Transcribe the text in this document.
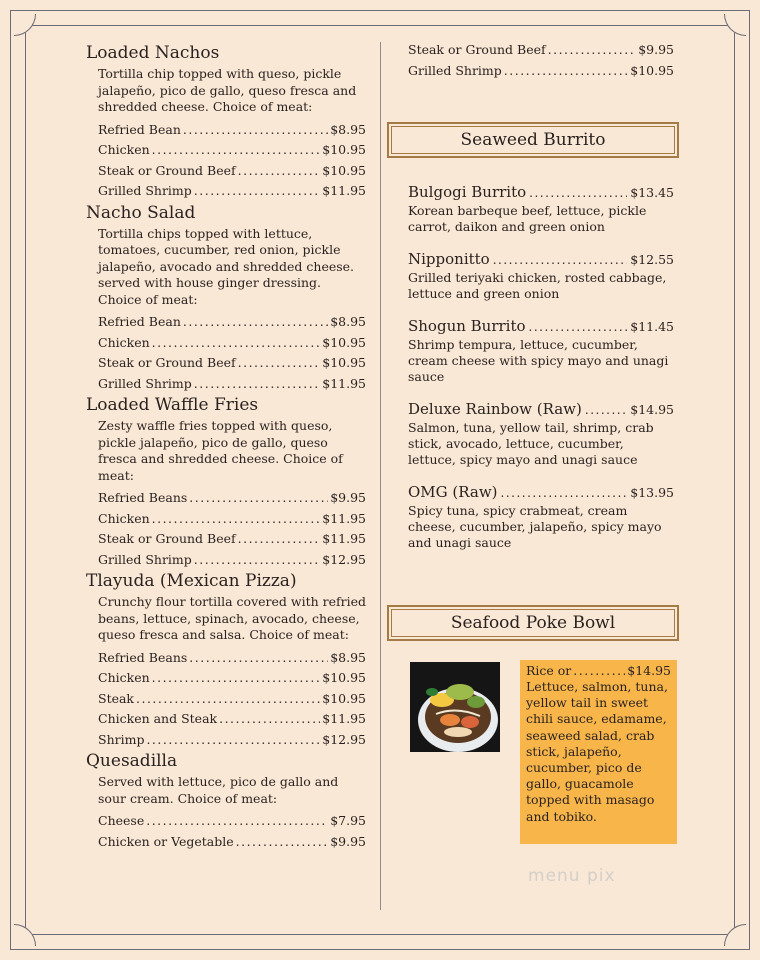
Loaded Nachos

Tortilla chip topped with queso, pickle jalapeño, pico de gallo, queso fresca and shredded cheese. Choice of meat:

Refried Bean .....	$8.95
Chicken .....	$10.95
Steak or Ground Beef .....	$10.95
Grilled Shrimp .....	$11.95
Nacho Salad

Tortilla chips topped with lettuce, tomatoes, cucumber, red onion, pickle jalapeño, avocado and shredded cheese. served with house ginger dressing. Choice of meat:

Refried Bean .....	$8.95
Chicken .....	$10.95
Steak or Ground Beef .....	$10.95
Grilled Shrimp .....	$11.95
Loaded Waffle Fries

Zesty waffle fries topped with queso, pickle jalapeño, pico de gallo, queso fresca and shredded cheese. Choice of meat:

Refried Beans .....	$9.95
Chicken .....	$11.95
Steak or Ground Beef .....	$11.95
Grilled Shrimp .....	$12.95
Tlayuda (Mexican Pizza)

Crunchy flour tortilla covered with refried beans, lettuce, spinach, avocado, cheese, queso fresca and salsa. Choice of meat:

Refried Beans .....	$8.95
Chicken .....	$10.95
Steak .....	$10.95
Chicken and Steak .....	$11.95
Shrimp .....	$12.95
Quesadilla

Served with lettuce, pico de gallo and sour cream. Choice of meat:

Cheese .....	$7.95
Chicken or Vegetable .....	$9.95
Steak or Ground Beef .....	$9.95
Grilled Shrimp .....	$10.95
Seaweed Burrito
Bulgogi Burrito .....	$13.45

Korean barbeque beef, lettuce, pickle carrot, daikon and green onion

Nipponitto .....	$12.55

Grilled teriyaki chicken, rosted cabbage, lettuce and green onion

Shogun Burrito .....	$11.45

Shrimp tempura, lettuce, cucumber, cream cheese with spicy mayo and unagi sauce

Deluxe Rainbow (Raw) .....	$14.95

Salmon, tuna, yellow tail, shrimp, crab stick, avocado, lettuce, cucumber, lettuce, spicy mayo and unagi sauce

OMG (Raw) .....	$13.95

Spicy tuna, spicy crabmeat, cream cheese, cucumber, jalapeño, spicy mayo and unagi sauce

Seafood Poke Bowl
Rice or .....	$14.95
Lettuce, salmon, tuna, yellow tail in sweet chili sauce, edamame, seaweed salad, crab stick, jalapeño, cucumber, pico de gallo, guacamole topped with masago and tobiko.
menu pix
